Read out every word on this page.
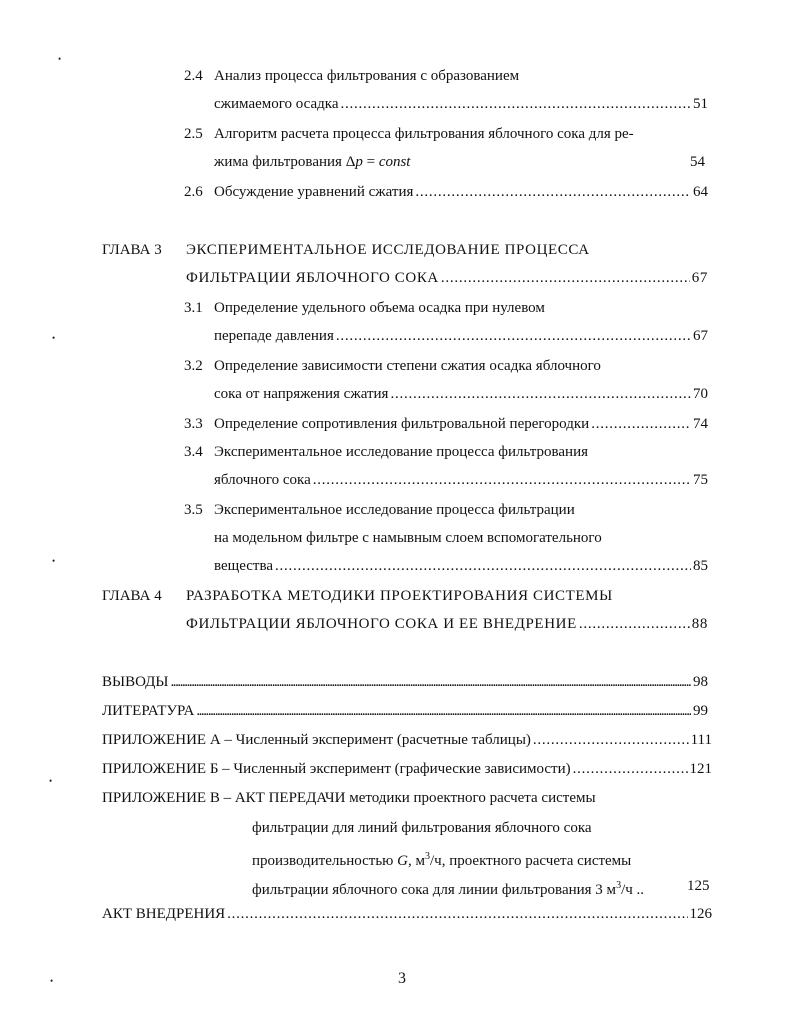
•
•
•
•
•
2.4 Анализ процесса фильтрования с образованием
сжимаемого осадка . . .	51
2.5 Алгоритм расчета процесса фильтрования яблочного сока для ре-
жима фильтрования Δp = const	54
2.6 Обсуждение уравнений сжатия . . .	64
ГЛАВА 3 ЭКСПЕРИМЕНТАЛЬНОЕ ИССЛЕДОВАНИЕ ПРОЦЕССА
ФИЛЬТРАЦИИ ЯБЛОЧНОГО СОКА . . .	67
3.1 Определение удельного объема осадка при нулевом
перепаде давления . . .	67
3.2 Определение зависимости степени сжатия осадка яблочного
сока от напряжения сжатия . . .	70
3.3 Определение сопротивления фильтровальной перегородки . . .	74
3.4 Экспериментальное исследование процесса фильтрования
яблочного сока . . .	75
3.5 Экспериментальное исследование процесса фильтрации
на модельном фильтре с намывным слоем вспомогательного
вещества . . .	85
ГЛАВА 4 РАЗРАБОТКА МЕТОДИКИ ПРОЕКТИРОВАНИЯ СИСТЕМЫ
ФИЛЬТРАЦИИ ЯБЛОЧНОГО СОКА И ЕЕ ВНЕДРЕНИЕ . . .	88
ВЫВОДЫ . . .	98
ЛИТЕРАТУРА . . .	99
ПРИЛОЖЕНИЕ А – Численный эксперимент (расчетные таблицы) . . .	111
ПРИЛОЖЕНИЕ Б – Численный эксперимент (графические зависимости) . . .	121
ПРИЛОЖЕНИЕ В – АКТ ПЕРЕДАЧИ методики проектного расчета системы
фильтрации для линий фильтрования яблочного сока
производительностью G, $м^3/ч$, проектного расчета системы
фильтрации яблочного сока для линии фильтрования 3 $м^3/ч$ ..	125
АКТ ВНЕДРЕНИЯ . . .	126
3
